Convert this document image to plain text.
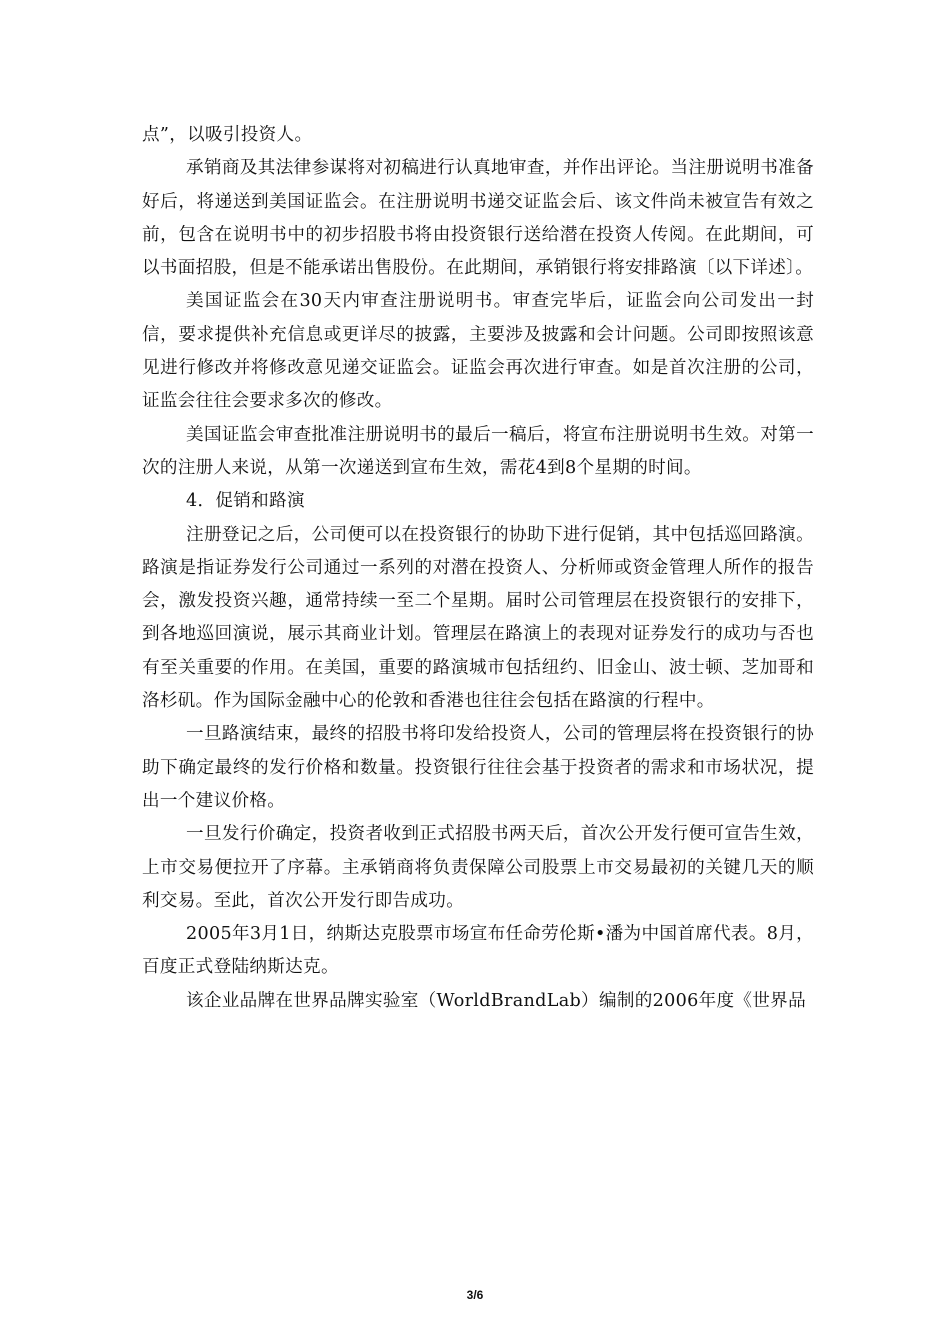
点”，以吸引投资人。

承销商及其法律参谋将对初稿进行认真地审查，并作出评论。当注册说明书准备好后，将递送到美国证监会。在注册说明书递交证监会后、该文件尚未被宣告有效之前，包含在说明书中的初步招股书将由投资银行送给潜在投资人传阅。在此期间，可以书面招股，但是不能承诺出售股份。在此期间，承销银行将安排路演〔以下详述〕。

美国证监会在30天内审查注册说明书。审查完毕后，证监会向公司发出一封信，要求提供补充信息或更详尽的披露，主要涉及披露和会计问题。公司即按照该意见进行修改并将修改意见递交证监会。证监会再次进行审查。如是首次注册的公司，证监会往往会要求多次的修改。

美国证监会审查批准注册说明书的最后一稿后，将宣布注册说明书生效。对第一次的注册人来说，从第一次递送到宣布生效，需花4到8个星期的时间。

4．促销和路演

注册登记之后，公司便可以在投资银行的协助下进行促销，其中包括巡回路演。路演是指证券发行公司通过一系列的对潜在投资人、分析师或资金管理人所作的报告会，激发投资兴趣，通常持续一至二个星期。届时公司管理层在投资银行的安排下，到各地巡回演说，展示其商业计划。管理层在路演上的表现对证券发行的成功与否也有至关重要的作用。在美国，重要的路演城市包括纽约、旧金山、波士顿、芝加哥和洛杉矶。作为国际金融中心的伦敦和香港也往往会包括在路演的行程中。

一旦路演结束，最终的招股书将印发给投资人，公司的管理层将在投资银行的协助下确定最终的发行价格和数量。投资银行往往会基于投资者的需求和市场状况，提出一个建议价格。

一旦发行价确定，投资者收到正式招股书两天后，首次公开发行便可宣告生效，上市交易便拉开了序幕。主承销商将负责保障公司股票上市交易最初的关键几天的顺利交易。至此，首次公开发行即告成功。

2005年3月1日，纳斯达克股票市场宣布任命劳伦斯•潘为中国首席代表。8月，百度正式登陆纳斯达克。

该企业品牌在世界品牌实验室（WorldBrandLab）编制的2006年度《世界品

3/6
